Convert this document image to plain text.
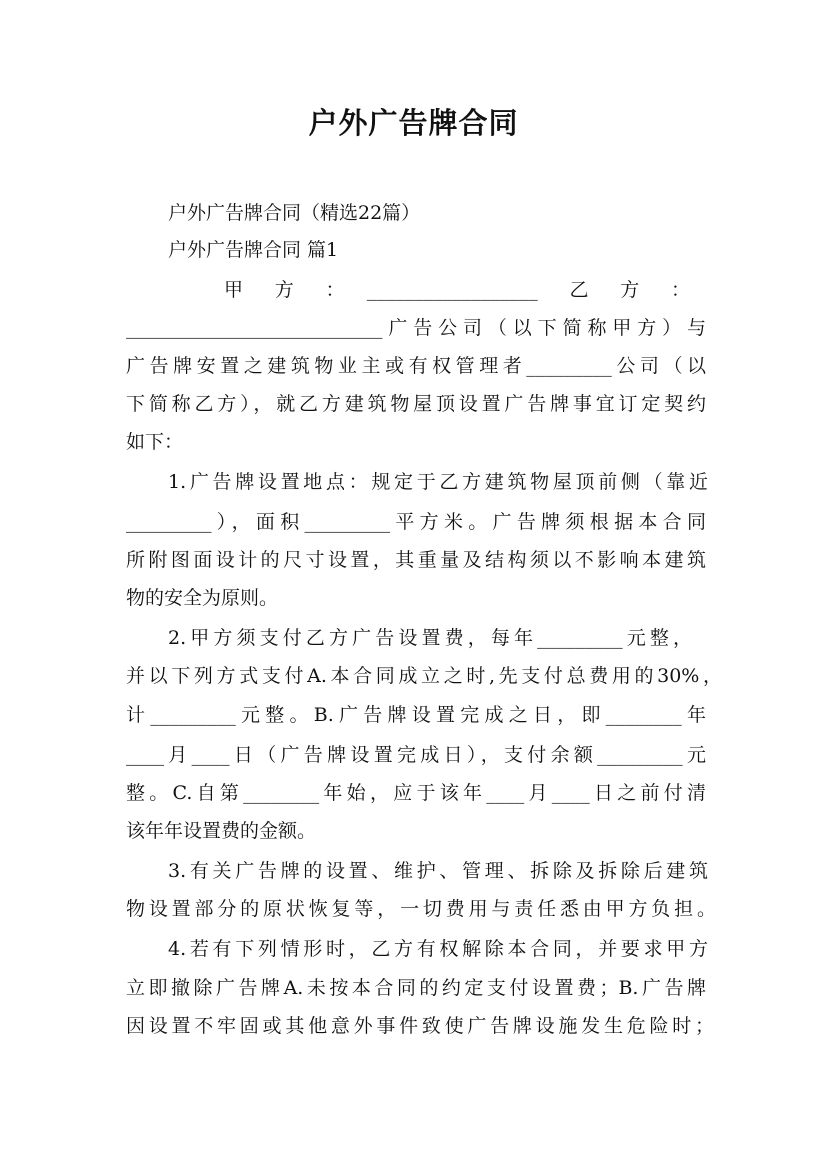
户外广告牌合同
户外广告牌合同（精选22篇）
户外广告牌合同 篇1
甲　方　：　__________________　乙　方　：
___________________________广告公司（以下简称甲方）与
广告牌安置之建筑物业主或有权管理者_________公司（以
下简称乙方），就乙方建筑物屋顶设置广告牌事宜订定契约
如下：
1.广告牌设置地点：规定于乙方建筑物屋顶前侧（靠近
_________），面积_________平方米。广告牌须根据本合同
所附图面设计的尺寸设置，其重量及结构须以不影响本建筑
物的安全为原则。
2.甲方须支付乙方广告设置费，每年_________元整，
并以下列方式支付A.本合同成立之时,先支付总费用的30%，
计_________元整。B.广告牌设置完成之日，即________年
____月____日（广告牌设置完成日），支付余额_________元
整。C.自第________年始，应于该年____月____日之前付清
该年年设置费的金额。
3.有关广告牌的设置、维护、管理、拆除及拆除后建筑
物设置部分的原状恢复等，一切费用与责任悉由甲方负担。
4.若有下列情形时，乙方有权解除本合同，并要求甲方
立即撤除广告牌A.未按本合同的约定支付设置费；B.广告牌
因设置不牢固或其他意外事件致使广告牌设施发生危险时；
